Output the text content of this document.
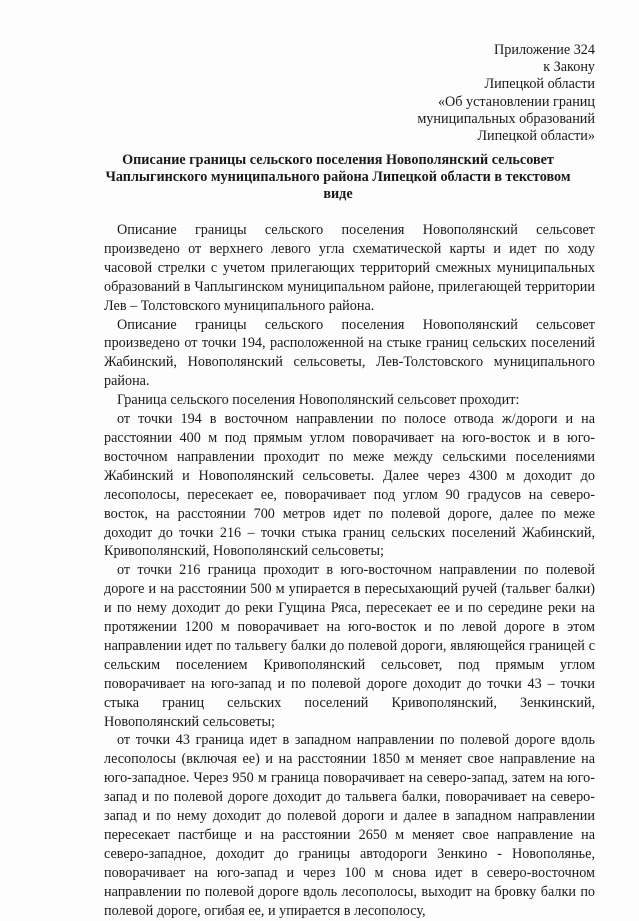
Приложение 324
к Закону
Липецкой области
«Об установлении границ
муниципальных образований
Липецкой области»
Описание границы сельского поселения Новополянский сельсовет Чаплыгинского муниципального района Липецкой области в текстовом виде

Описание границы сельского поселения Новополянский сельсовет произведено от верхнего левого угла схематической карты и идет по ходу часовой стрелки с учетом прилегающих территорий смежных муниципальных образований в Чаплыгинском муниципальном районе, прилегающей территории Лев – Толстовского муниципального района.

Описание границы сельского поселения Новополянский сельсовет произведено от точки 194, расположенной на стыке границ сельских поселений Жабинский, Новополянский сельсоветы, Лев-Толстовского муниципального района.

Граница сельского поселения Новополянский сельсовет проходит:

от точки 194 в восточном направлении по полосе отвода ж/дороги и на расстоянии 400 м под прямым углом поворачивает на юго-восток и в юго-восточном направлении проходит по меже между сельскими поселениями Жабинский и Новополянский сельсоветы. Далее через 4300 м доходит до лесополосы, пересекает ее, поворачивает под углом 90 градусов на северо-восток, на расстоянии 700 метров идет по полевой дороге, далее по меже доходит до точки 216 – точки стыка границ сельских поселений Жабинский, Кривополянский, Новополянский сельсоветы;

от точки 216 граница проходит в юго-восточном направлении по полевой дороге и на расстоянии 500 м упирается в пересыхающий ручей (тальвег балки) и по нему доходит до реки Гущина Ряса, пересекает ее и по середине реки на протяжении 1200 м поворачивает на юго-восток и по левой дороге в этом направлении идет по тальвегу балки до полевой дороги, являющейся границей с сельским поселением Кривополянский сельсовет, под прямым углом поворачивает на юго-запад и по полевой дороге доходит до точки 43 – точки стыка границ сельских поселений Кривополянский, Зенкинский, Новополянский сельсоветы;

от точки 43 граница идет в западном направлении по полевой дороге вдоль лесополосы (включая ее) и на расстоянии 1850 м меняет свое направление на юго-западное. Через 950 м граница поворачивает на северо-запад, затем на юго-запад и по полевой дороге доходит до тальвега балки, поворачивает на северо-запад и по нему доходит до полевой дороги и далее в западном направлении пересекает пастбище и на расстоянии 2650 м меняет свое направление на северо-западное, доходит до границы автодороги Зенкино - Новополянье, поворачивает на юго-запад и через 100 м снова идет в северо-восточном направлении по полевой дороге вдоль лесополосы, выходит на бровку балки по полевой дороге, огибая ее, и упирается в лесополосу,
